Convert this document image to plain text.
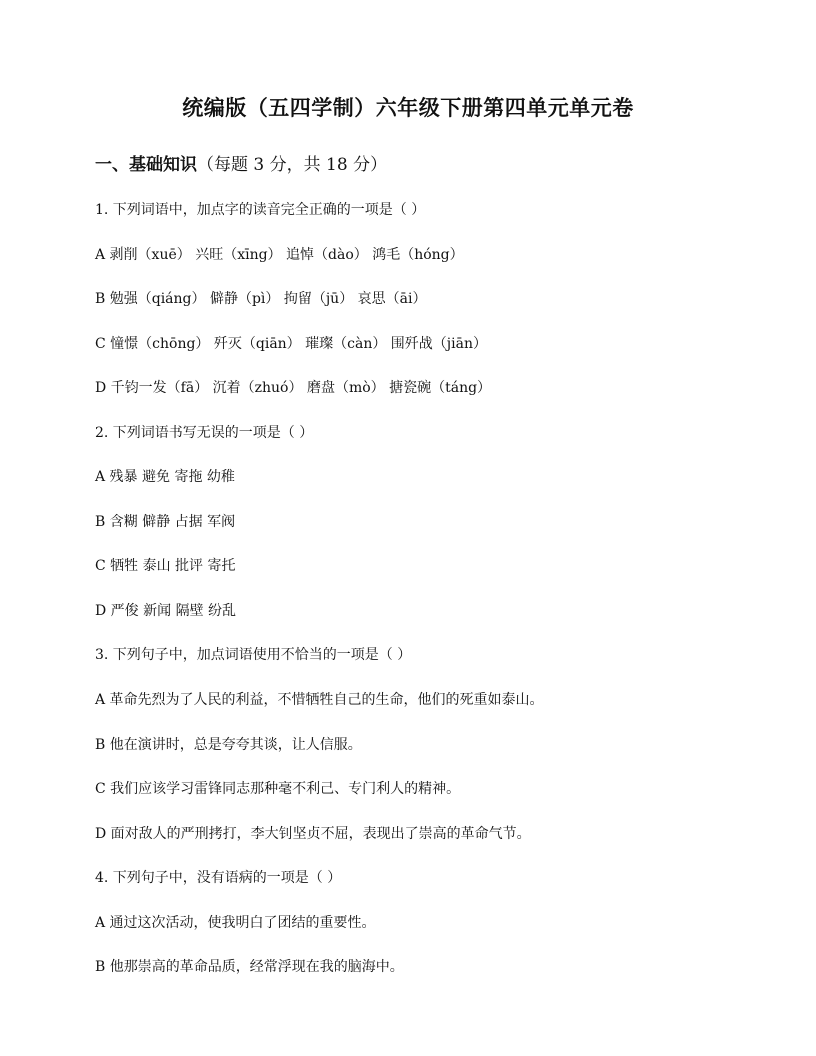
统编版（五四学制）六年级下册第四单元单元卷
一、基础知识（每题 3 分，共 18 分）
1. 下列词语中，加点字的读音完全正确的一项是（ ）
A 剥削（xuē） 兴旺（xīng） 追悼（dào） 鸿毛（hóng）
B 勉强（qiáng） 僻静（pì） 拘留（jū） 哀思（āi）
C 憧憬（chōng） 歼灭（qiān） 璀璨（càn） 围歼战（jiān）
D 千钧一发（fā） 沉着（zhuó） 磨盘（mò） 搪瓷碗（táng）
2. 下列词语书写无误的一项是（ ）
A 残暴 避免 寄拖 幼稚
B 含糊 僻静 占据 军阀
C 牺牲 泰山 批评 寄托
D 严俊 新闻 隔壁 纷乱
3. 下列句子中，加点词语使用不恰当的一项是（ ）
A 革命先烈为了人民的利益，不惜牺牲自己的生命，他们的死重如泰山。
B 他在演讲时，总是夸夸其谈，让人信服。
C 我们应该学习雷锋同志那种毫不利己、专门利人的精神。
D 面对敌人的严刑拷打，李大钊坚贞不屈，表现出了崇高的革命气节。
4. 下列句子中，没有语病的一项是（ ）
A 通过这次活动，使我明白了团结的重要性。
B 他那崇高的革命品质，经常浮现在我的脑海中。
